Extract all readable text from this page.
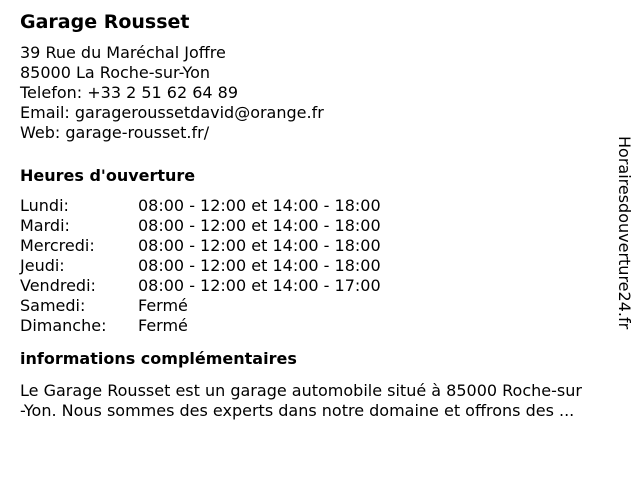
Garage Rousset
39 Rue du Maréchal Joffre
85000 La Roche-sur-Yon
Telefon: +33 2 51 62 64 89
Email: garageroussetdavid@orange.fr
Web: garage-rousset.fr/
Heures d'ouverture
Lundi:	08:00 - 12:00 et 14:00 - 18:00
Mardi:	08:00 - 12:00 et 14:00 - 18:00
Mercredi:	08:00 - 12:00 et 14:00 - 18:00
Jeudi:	08:00 - 12:00 et 14:00 - 18:00
Vendredi:	08:00 - 12:00 et 14:00 - 17:00
Samedi:	Fermé
Dimanche:	Fermé
informations complémentaires
Le Garage Rousset est un garage automobile situé à 85000 Roche-sur
-Yon. Nous sommes des experts dans notre domaine et offrons des ...
Horairesdouverture24.fr
